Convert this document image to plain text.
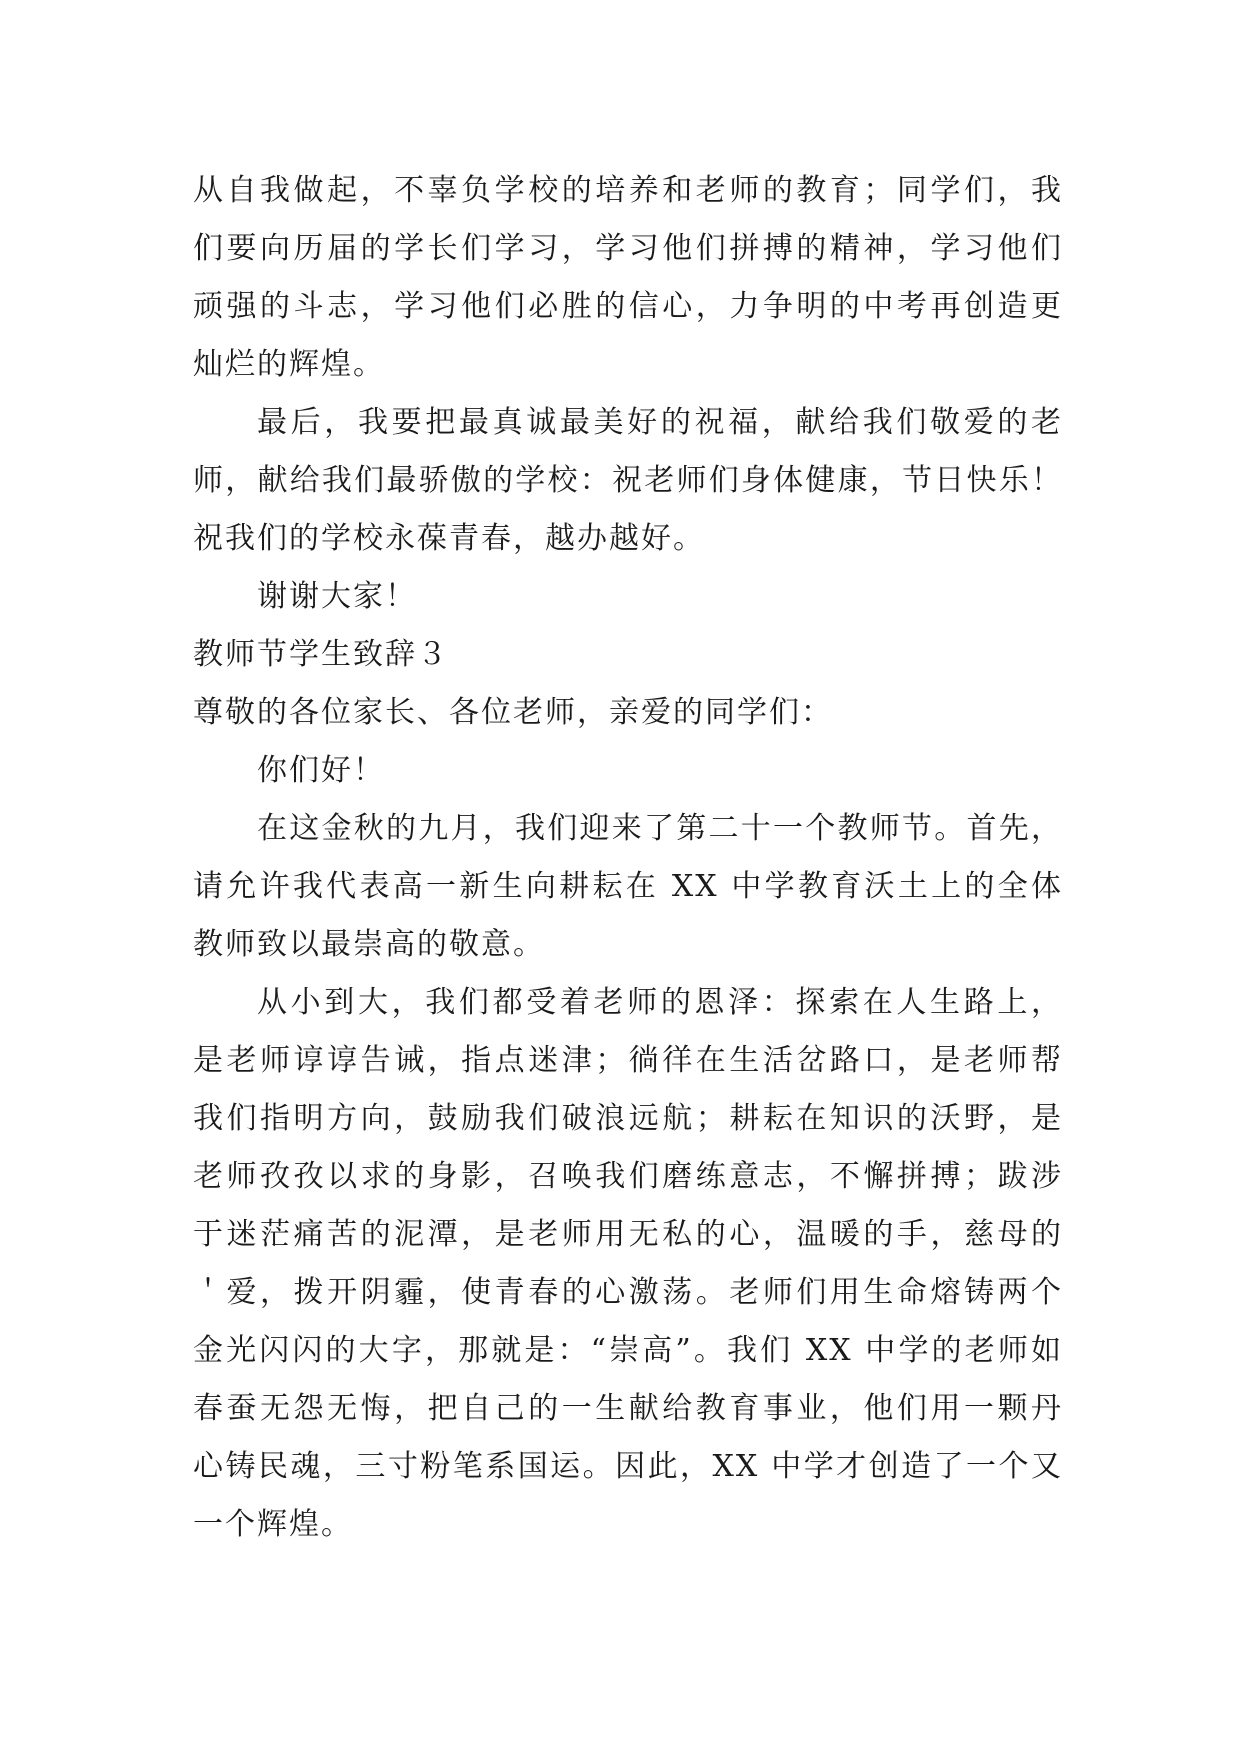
从自我做起，不辜负学校的培养和老师的教育；同学们，我
们要向历届的学长们学习，学习他们拼搏的精神，学习他们
顽强的斗志，学习他们必胜的信心，力争明的中考再创造更
灿烂的辉煌。
最后，我要把最真诚最美好的祝福，献给我们敬爱的老
师，献给我们最骄傲的学校：祝老师们身体健康，节日快乐！
祝我们的学校永葆青春，越办越好。
谢谢大家！
教师节学生致辞３
尊敬的各位家长、各位老师，亲爱的同学们：
你们好！
在这金秋的九月，我们迎来了第二十一个教师节。首先，
请允许我代表高一新生向耕耘在 XX 中学教育沃土上的全体
教师致以最崇高的敬意。
从小到大，我们都受着老师的恩泽：探索在人生路上，
是老师谆谆告诫，指点迷津；徜徉在生活岔路口，是老师帮
我们指明方向，鼓励我们破浪远航；耕耘在知识的沃野，是
老师孜孜以求的身影，召唤我们磨练意志，不懈拼搏；跋涉
于迷茫痛苦的泥潭，是老师用无私的心，温暖的手，慈母的
＇爱，拨开阴霾，使青春的心激荡。老师们用生命熔铸两个
金光闪闪的大字，那就是：“崇高”。我们 XX 中学的老师如
春蚕无怨无悔，把自己的一生献给教育事业，他们用一颗丹
心铸民魂，三寸粉笔系国运。因此，XX 中学才创造了一个又
一个辉煌。
